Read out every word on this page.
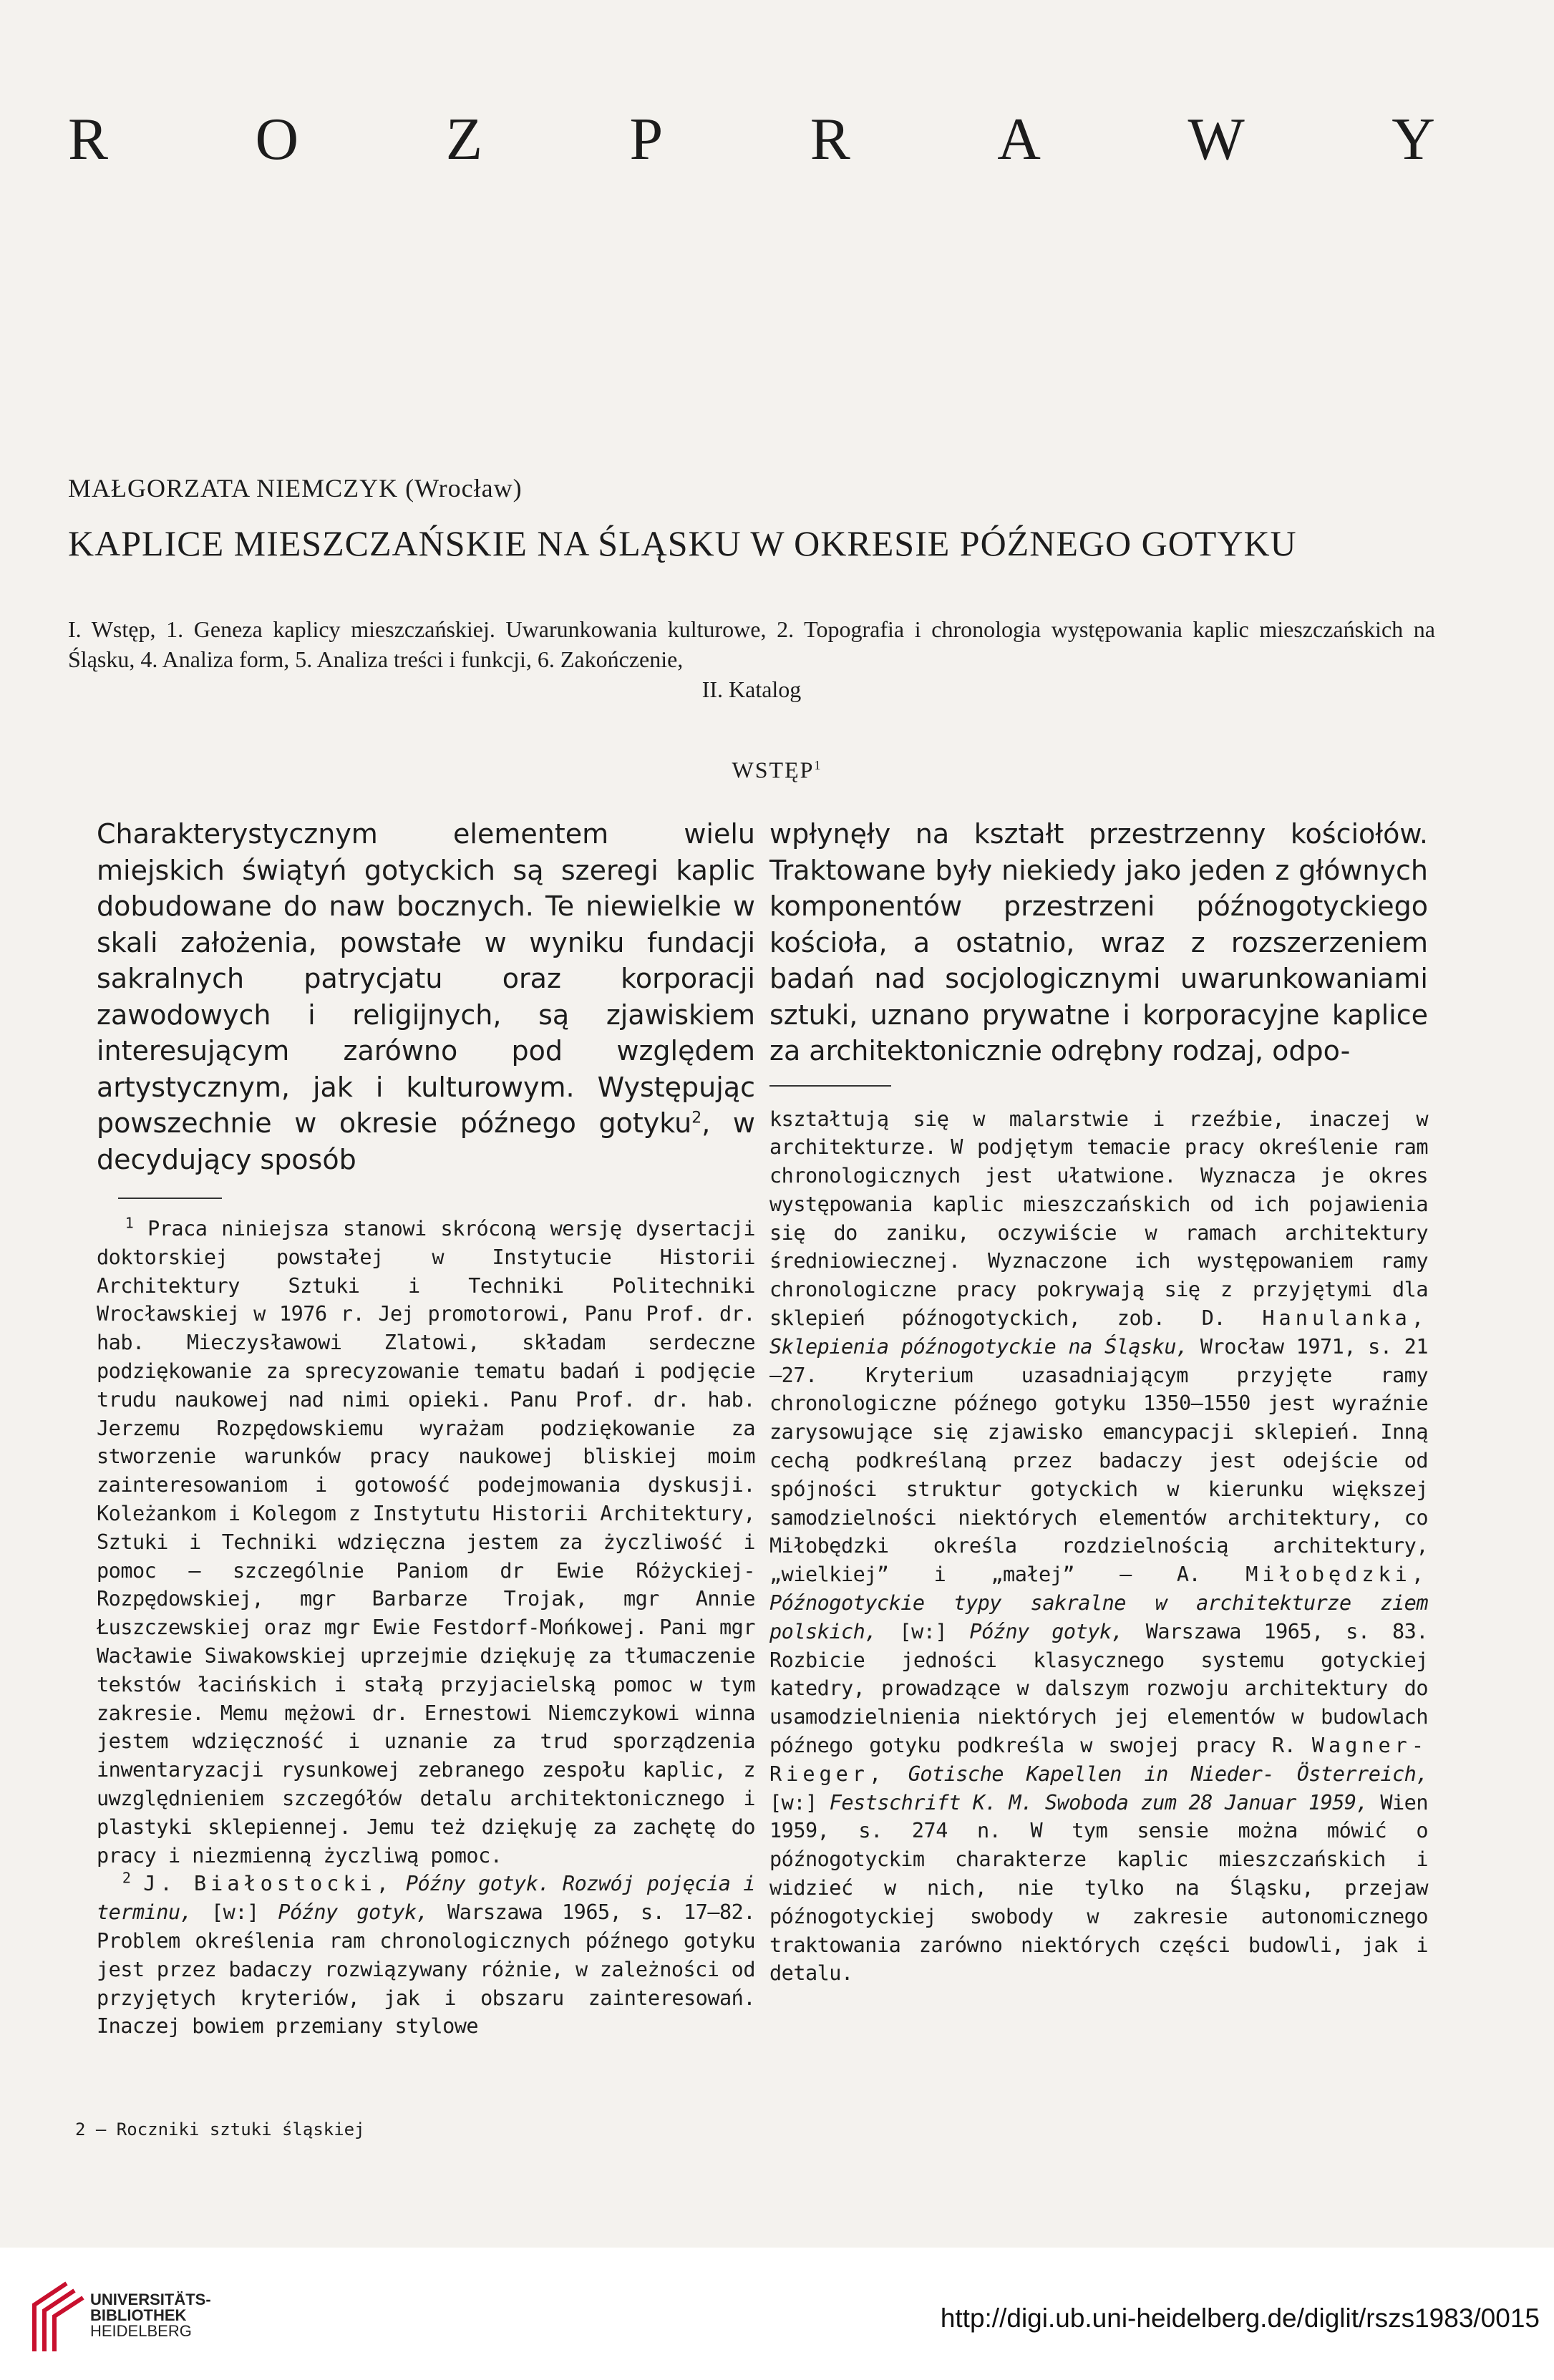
R O Z P R A W Y
MAŁGORZATA NIEMCZYK (Wrocław)
KAPLICE MIESZCZAŃSKIE NA ŚLĄSKU W OKRESIE PÓŹNEGO GOTYKU
I. Wstęp, 1. Geneza kaplicy mieszczańskiej. Uwarunkowania kulturowe, 2. Topografia i chronologia występowania kaplic mieszczańskich na Śląsku, 4. Analiza form, 5. Analiza treści i funkcji, 6. Zakończenie,
II. Katalog
WSTĘP$^1$

Charakterystycznym elementem wielu miejskich świątyń gotyckich są szeregi kaplic dobudowane do naw bocznych. Te niewielkie w skali założenia, powstałe w wyniku fundacji sakralnych patrycjatu oraz korporacji zawodowych i religijnych, są zjawiskiem interesującym zarówno pod względem artystycznym, jak i kulturowym. Występując powszechnie w okresie późnego gotyku$^2$, w decydujący sposób

$^1$ Praca niniejsza stanowi skróconą wersję dysertacji doktorskiej powstałej w Instytucie Historii Architektury Sztuki i Techniki Politechniki Wrocławskiej w 1976 r. Jej promotorowi, Panu Prof. dr. hab. Mieczysławowi Zlatowi, składam serdeczne podziękowanie za sprecyzowanie tematu badań i podjęcie trudu naukowej nad nimi opieki. Panu Prof. dr. hab. Jerzemu Rozpędowskiemu wyrażam podziękowanie za stworzenie warunków pracy naukowej bliskiej moim zainteresowaniom i gotowość podejmowania dyskusji. Koleżankom i Kolegom z Instytutu Historii Architektury, Sztuki i Techniki wdzięczna jestem za życzliwość i pomoc — szczególnie Paniom dr Ewie Różyckiej-Rozpędowskiej, mgr Barbarze Trojak, mgr Annie Łuszczewskiej oraz mgr Ewie Festdorf-Mońkowej. Pani mgr Wacławie Siwakowskiej uprzejmie dziękuję za tłumaczenie tekstów łacińskich i stałą przyjacielską pomoc w tym zakresie. Memu mężowi dr. Ernestowi Niemczykowi winna jestem wdzięczność i uznanie za trud sporządzenia inwentaryzacji rysunkowej zebranego zespołu kaplic, z uwzględnieniem szczegółów detalu architektonicznego i plastyki sklepiennej. Jemu też dziękuję za zachętę do pracy i niezmienną życzliwą pomoc.

$^2$ J. Białostocki, Późny gotyk. Rozwój pojęcia i terminu, [w:] Późny gotyk, Warszawa 1965, s. 17—82. Problem określenia ram chronologicznych późnego gotyku jest przez badaczy rozwiązywany różnie, w zależności od przyjętych kryteriów, jak i obszaru zainteresowań. Inaczej bowiem przemiany stylowe

wpłynęły na kształt przestrzenny kościołów. Traktowane były niekiedy jako jeden z głównych komponentów przestrzeni późnogotyckiego kościoła, a ostatnio, wraz z rozszerzeniem badań nad socjologicznymi uwarunkowaniami sztuki, uznano prywatne i korporacyjne kaplice za architektonicznie odrębny rodzaj, odpo-

kształtują się w malarstwie i rzeźbie, inaczej w architekturze. W podjętym temacie pracy określenie ram chronologicznych jest ułatwione. Wyznacza je okres występowania kaplic mieszczańskich od ich pojawienia się do zaniku, oczywiście w ramach architektury średniowiecznej. Wyznaczone ich występowaniem ramy chronologiczne pracy pokrywają się z przyjętymi dla sklepień późnogotyckich, zob. D. Hanulanka, Sklepienia późnogotyckie na Śląsku, Wrocław 1971, s. 21—27. Kryterium uzasadniającym przyjęte ramy chronologiczne późnego gotyku 1350—1550 jest wyraźnie zarysowujące się zjawisko emancypacji sklepień. Inną cechą podkreślaną przez badaczy jest odejście od spójności struktur gotyckich w kierunku większej samodzielności niektórych elementów architektury, co Miłobędzki określa rozdzielnością architektury, „wielkiej” i „małej” — A. Miłobędzki, Późnogotyckie typy sakralne w architekturze ziem polskich, [w:] Późny gotyk, Warszawa 1965, s. 83. Rozbicie jedności klasycznego systemu gotyckiej katedry, prowadzące w dalszym rozwoju architektury do usamodzielnienia niektórych jej elementów w budowlach późnego gotyku podkreśla w swojej pracy R. Wagner-Rieger, Gotische Kapellen in Nieder- Österreich, [w:] Festschrift K. M. Swoboda zum 28 Januar 1959, Wien 1959, s. 274 n. W tym sensie można mówić o późnogotyckim charakterze kaplic mieszczańskich i widzieć w nich, nie tylko na Śląsku, przejaw późnogotyckiej swobody w zakresie autonomicznego traktowania zarówno niektórych części budowli, jak i detalu.

2 — Roczniki sztuki śląskiej
UNIVERSITÄTS-
BIBLIOTHEK
HEIDELBERG	http://digi.ub.uni-heidelberg.de/diglit/rszs1983/0015
